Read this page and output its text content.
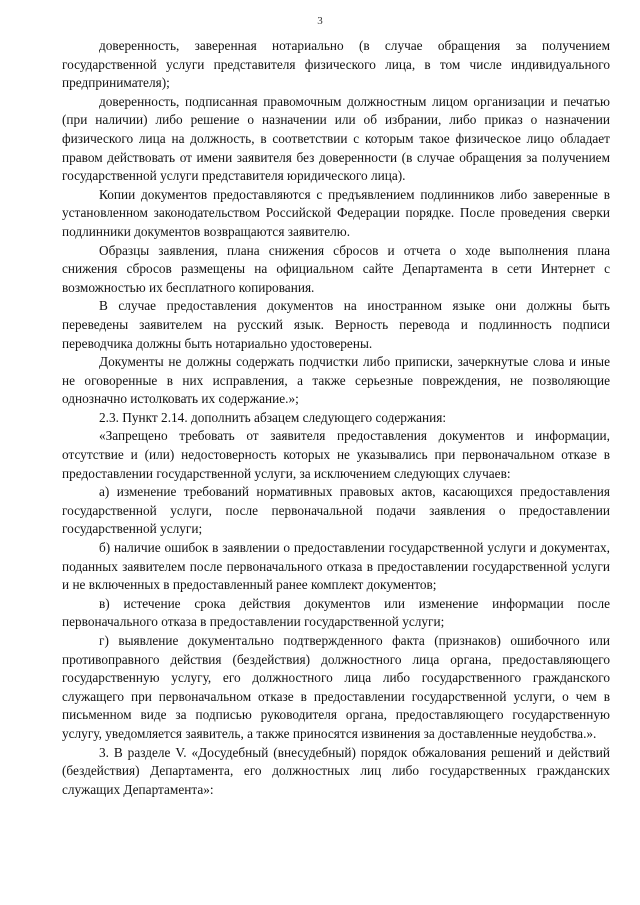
3

доверенность, заверенная нотариально (в случае обращения за получением государственной услуги представителя физического лица, в том числе индивидуального предпринимателя);

доверенность, подписанная правомочным должностным лицом организации и печатью (при наличии) либо решение о назначении или об избрании, либо приказ о назначении физического лица на должность, в соответствии с которым такое физическое лицо обладает правом действовать от имени заявителя без доверенности (в случае обращения за получением государственной услуги представителя юридического лица).

Копии документов предоставляются с предъявлением подлинников либо заверенные в установленном законодательством Российской Федерации порядке. После проведения сверки подлинники документов возвращаются заявителю.

Образцы заявления, плана снижения сбросов и отчета о ходе выполнения плана снижения сбросов размещены на официальном сайте Департамента в сети Интернет с возможностью их бесплатного копирования.

В случае предоставления документов на иностранном языке они должны быть переведены заявителем на русский язык. Верность перевода и подлинность подписи переводчика должны быть нотариально удостоверены.

Документы не должны содержать подчистки либо приписки, зачеркнутые слова и иные не оговоренные в них исправления, а также серьезные повреждения, не позволяющие однозначно истолковать их содержание.»;

2.3. Пункт 2.14. дополнить абзацем следующего содержания:

«Запрещено требовать от заявителя предоставления документов и информации, отсутствие и (или) недостоверность которых не указывались при первоначальном отказе в предоставлении государственной услуги, за исключением следующих случаев:

а) изменение требований нормативных правовых актов, касающихся предоставления государственной услуги, после первоначальной подачи заявления о предоставлении государственной услуги;

б) наличие ошибок в заявлении о предоставлении государственной услуги и документах, поданных заявителем после первоначального отказа в предоставлении государственной услуги и не включенных в предоставленный ранее комплект документов;

в) истечение срока действия документов или изменение информации после первоначального отказа в предоставлении государственной услуги;

г) выявление документально подтвержденного факта (признаков) ошибочного или противоправного действия (бездействия) должностного лица органа, предоставляющего государственную услугу, его должностного лица либо государственного гражданского служащего при первоначальном отказе в предоставлении государственной услуги, о чем в письменном виде за подписью руководителя органа, предоставляющего государственную услугу, уведомляется заявитель, а также приносятся извинения за доставленные неудобства.».

3. В разделе V. «Досудебный (внесудебный) порядок обжалования решений и действий (бездействия) Департамента, его должностных лиц либо государственных гражданских служащих Департамента»:
